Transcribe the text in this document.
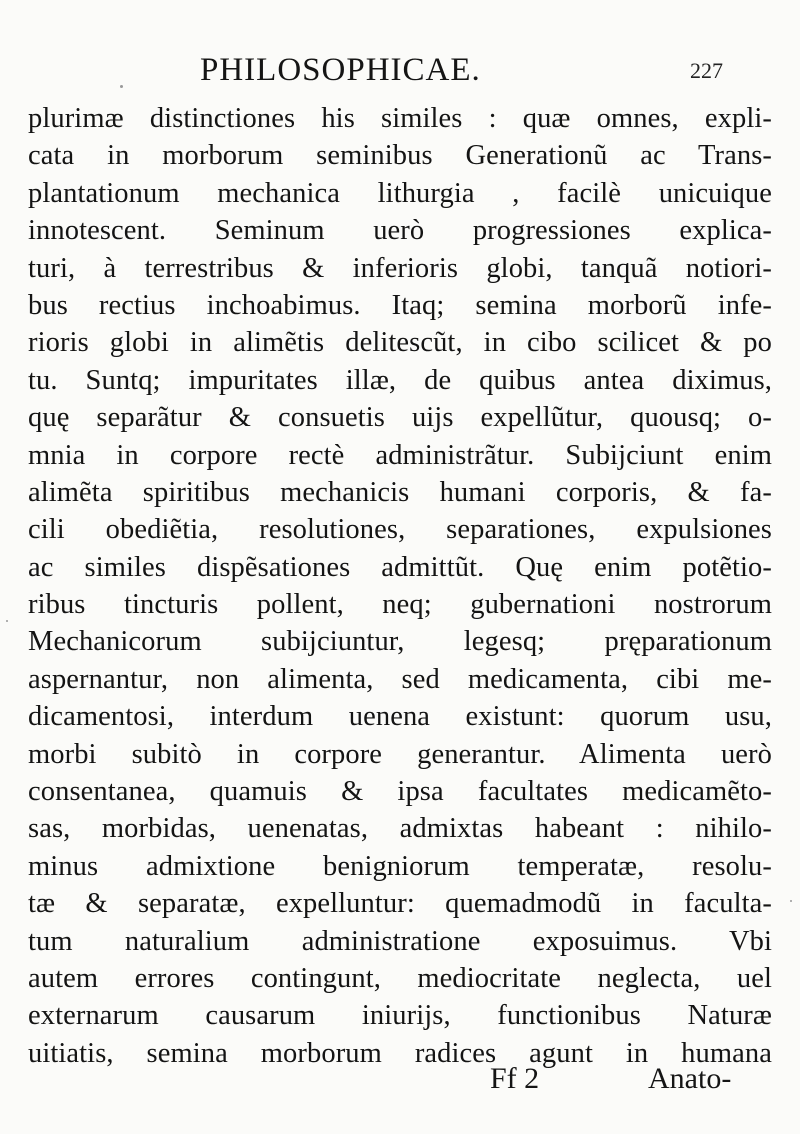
PHILOSOPHICAE.	227
plurimæ distinctiones his similes : quæ omnes, expli-
cata in morborum seminibus Generationũ ac Trans-
plantationum mechanica lithurgia , facilè unicuique
innotescent. Seminum uerò progressiones explica-
turi, à terrestribus & inferioris globi, tanquã notiori-
bus rectius inchoabimus. Itaq; semina morborũ infe-
rioris globi in alimẽtis delitescũt, in cibo scilicet & po
tu. Suntq; impuritates illæ, de quibus antea diximus,
quę separãtur & consuetis uijs expellũtur, quousq; o-
mnia in corpore rectè administrãtur. Subijciunt enim
alimẽta spiritibus mechanicis humani corporis, & fa-
cili obediẽtia, resolutiones, separationes, expulsiones
ac similes dispẽsationes admittũt. Quę enim potẽtio-
ribus tincturis pollent, neq; gubernationi nostrorum
Mechanicorum subijciuntur, legesq; pręparationum
aspernantur, non alimenta, sed medicamenta, cibi me-
dicamentosi, interdum uenena existunt: quorum usu,
morbi subitò in corpore generantur. Alimenta uerò
consentanea, quamuis & ipsa facultates medicamẽto-
sas, morbidas, uenenatas, admixtas habeant : nihilo-
minus admixtione benigniorum temperatæ, resolu-
tæ & separatæ, expelluntur: quemadmodũ in faculta-
tum naturalium administratione exposuimus. Vbi
autem errores contingunt, mediocritate neglecta, uel
externarum causarum iniurijs, functionibus Naturæ
uitiatis, semina morborum radices agunt in humana
Ff 2	Anato-
